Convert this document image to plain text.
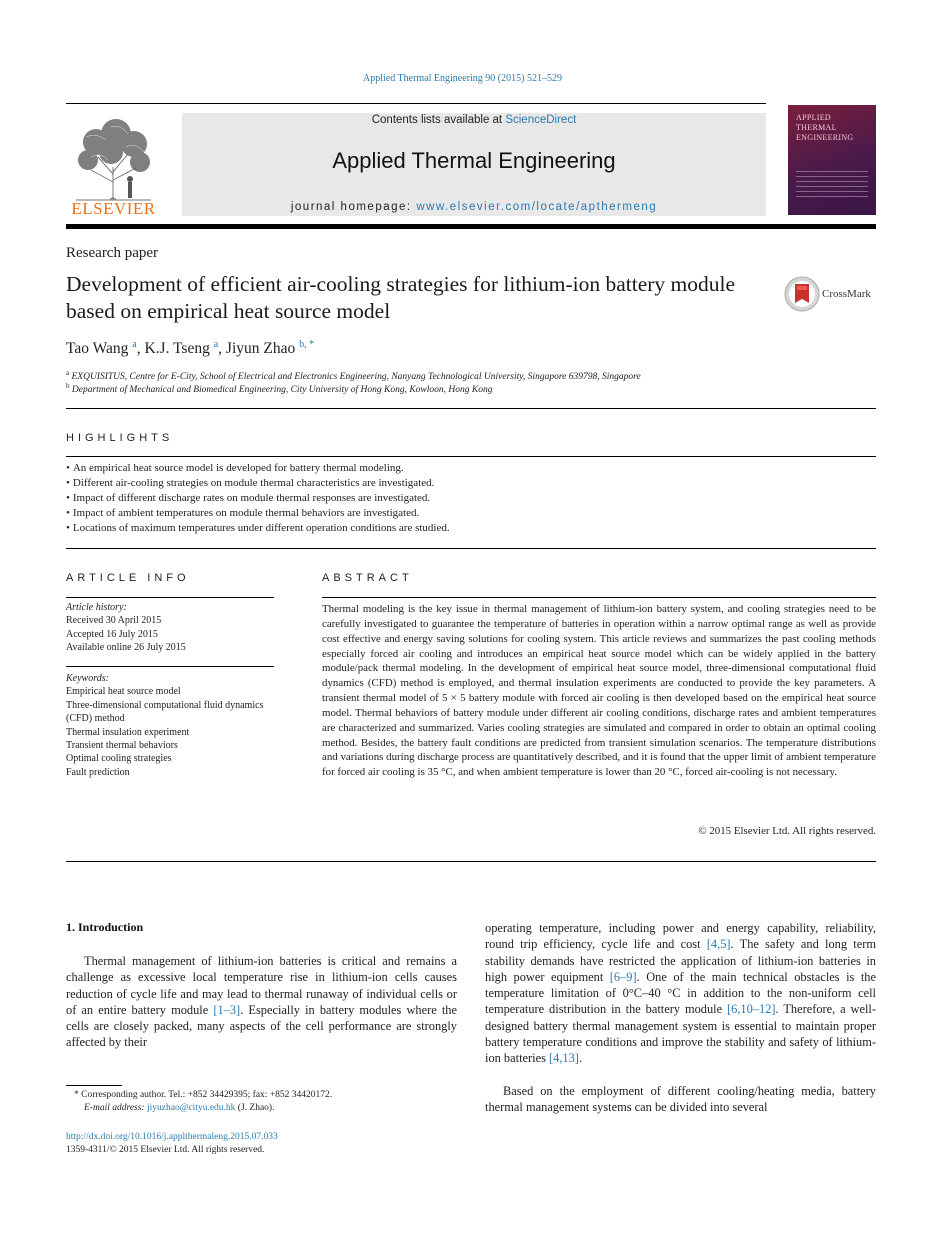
Applied Thermal Engineering 90 (2015) 521–529
ELSEVIER
Contents lists available at ScienceDirect
Applied Thermal Engineering
journal homepage: www.elsevier.com/locate/apthermeng
APPLIED
THERMAL
ENGINEERING
Research paper
Development of efficient air-cooling strategies for lithium-ion battery module based on empirical heat source model
CrossMark
Tao Wang $^a$, K.J. Tseng $^a$, Jiyun Zhao $^{b, *}$
$^a$ EXQUISITUS, Centre for E-City, School of Electrical and Electronics Engineering, Nanyang Technological University, Singapore 639798, Singapore
$^b$ Department of Mechanical and Biomedical Engineering, City University of Hong Kong, Kowloon, Hong Kong
HIGHLIGHTS
• An empirical heat source model is developed for battery thermal modeling.
• Different air-cooling strategies on module thermal characteristics are investigated.
• Impact of different discharge rates on module thermal responses are investigated.
• Impact of ambient temperatures on module thermal behaviors are investigated.
• Locations of maximum temperatures under different operation conditions are studied.
ARTICLE INFO
Article history:
Received 30 April 2015
Accepted 16 July 2015
Available online 26 July 2015
Keywords:
Empirical heat source model
Three-dimensional computational fluid dynamics (CFD) method
Thermal insulation experiment
Transient thermal behaviors
Optimal cooling strategies
Fault prediction
ABSTRACT

Thermal modeling is the key issue in thermal management of lithium-ion battery system, and cooling strategies need to be carefully investigated to guarantee the temperature of batteries in operation within a narrow optimal range as well as provide cost effective and energy saving solutions for cooling system. This article reviews and summarizes the past cooling methods especially forced air cooling and introduces an empirical heat source model which can be widely applied in the battery module/pack thermal modeling. In the development of empirical heat source model, three-dimensional computational fluid dynamics (CFD) method is employed, and thermal insulation experiments are conducted to provide the key parameters. A transient thermal model of 5 × 5 battery module with forced air cooling is then developed based on the empirical heat source model. Thermal behaviors of battery module under different air cooling conditions, discharge rates and ambient temperatures are characterized and summarized. Varies cooling strategies are simulated and compared in order to obtain an optimal cooling method. Besides, the battery fault conditions are predicted from transient simulation scenarios. The temperature distributions and variations during discharge process are quantitatively described, and it is found that the upper limit of ambient temperature for forced air cooling is 35 °C, and when ambient temperature is lower than 20 °C, forced air-cooling is not necessary.

© 2015 Elsevier Ltd. All rights reserved.
1. Introduction

Thermal management of lithium-ion batteries is critical and remains a challenge as excessive local temperature rise in lithium-ion cells causes reduction of cycle life and may lead to thermal runaway of individual cells or of an entire battery module [1–3]. Especially in battery modules where the cells are closely packed, many aspects of the cell performance are strongly affected by their

operating temperature, including power and energy capability, reliability, round trip efficiency, cycle life and cost [4,5]. The safety and long term stability demands have restricted the application of lithium-ion batteries in high power equipment [6–9]. One of the main technical obstacles is the temperature limitation of 0°C–40 °C in addition to the non-uniform cell temperature distribution in the battery module [6,10–12]. Therefore, a well-designed battery thermal management system is essential to maintain proper battery temperature conditions and improve the stability and safety of lithium-ion batteries [4,13].

Based on the employment of different cooling/heating media, battery thermal management systems can be divided into several

* Corresponding author. Tel.: +852 34429395; fax: +852 34420172.
E-mail address: jiyuzhao@cityu.edu.hk (J. Zhao).
http://dx.doi.org/10.1016/j.applthermaleng.2015.07.033
1359-4311/© 2015 Elsevier Ltd. All rights reserved.
